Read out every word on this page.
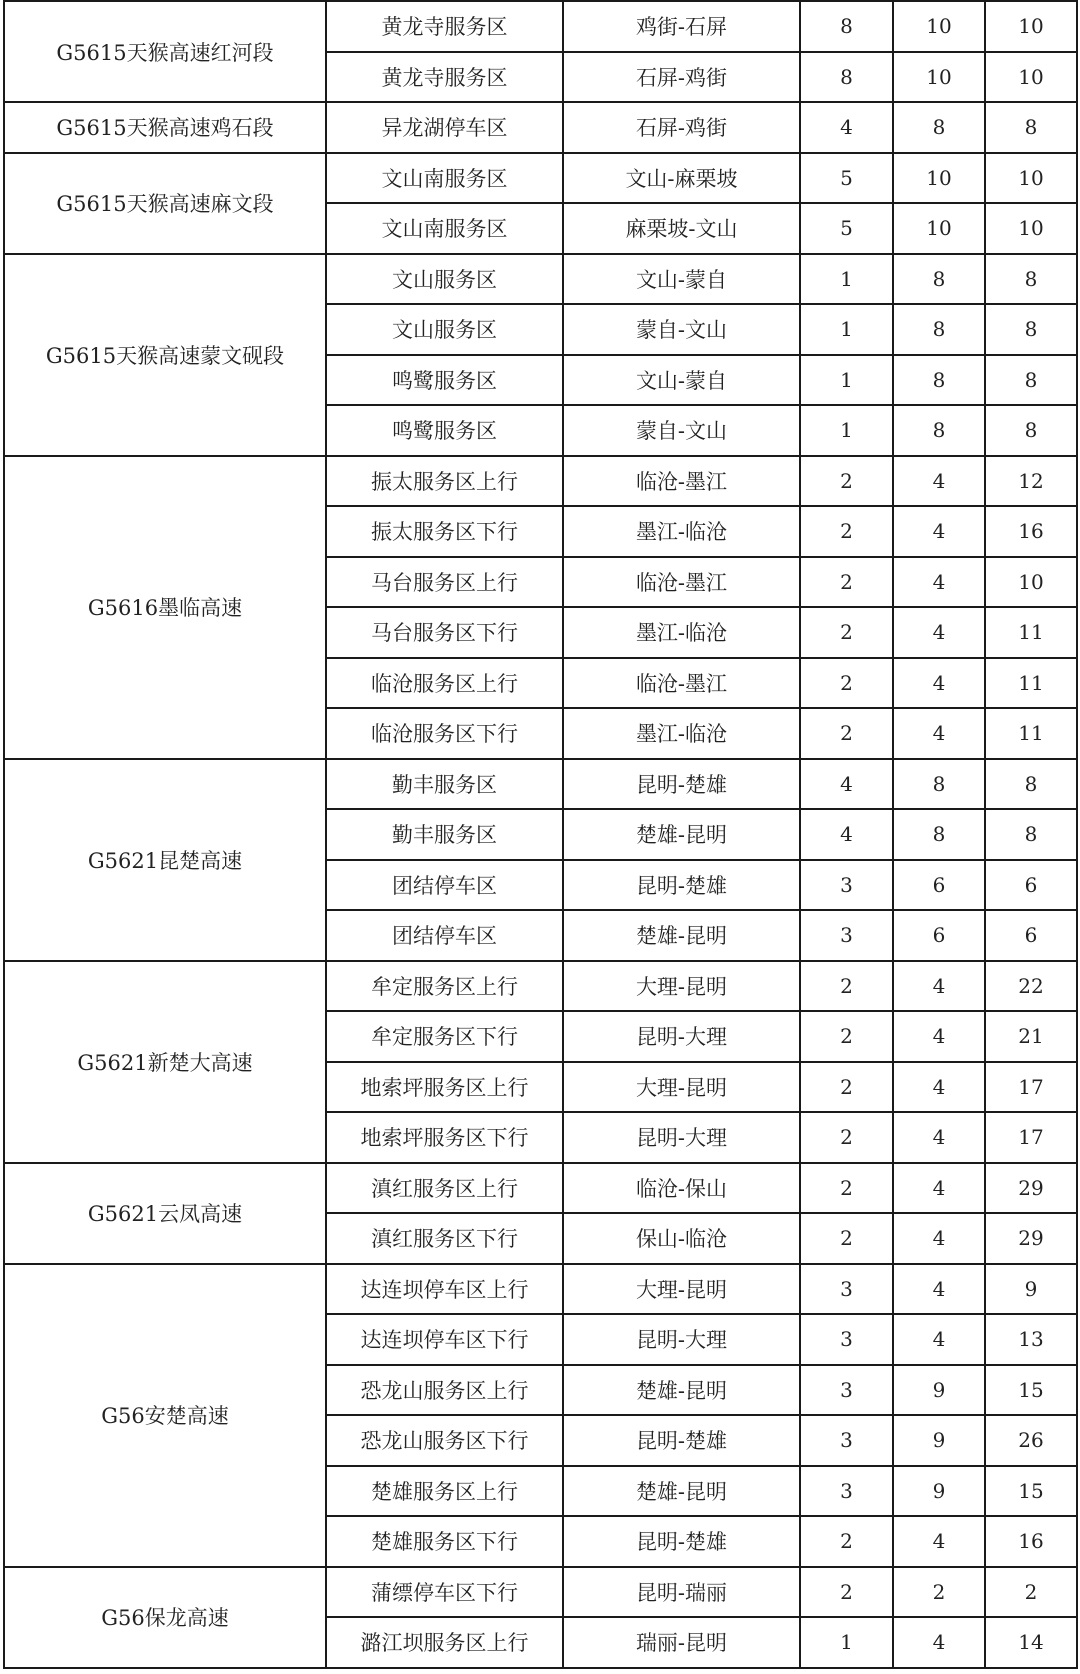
G5615天猴高速红河段	黄龙寺服务区	鸡街-石屏	8	10	10
	黄龙寺服务区	石屏-鸡街	8	10	10
G5615天猴高速鸡石段	异龙湖停车区	石屏-鸡街	4	8	8
G5615天猴高速麻文段	文山南服务区	文山-麻栗坡	5	10	10
	文山南服务区	麻栗坡-文山	5	10	10
G5615天猴高速蒙文砚段	文山服务区	文山-蒙自	1	8	8
	文山服务区	蒙自-文山	1	8	8
	鸣鹭服务区	文山-蒙自	1	8	8
	鸣鹭服务区	蒙自-文山	1	8	8
G5616墨临高速	振太服务区上行	临沧-墨江	2	4	12
	振太服务区下行	墨江-临沧	2	4	16
	马台服务区上行	临沧-墨江	2	4	10
	马台服务区下行	墨江-临沧	2	4	11
	临沧服务区上行	临沧-墨江	2	4	11
	临沧服务区下行	墨江-临沧	2	4	11
G5621昆楚高速	勤丰服务区	昆明-楚雄	4	8	8
	勤丰服务区	楚雄-昆明	4	8	8
	团结停车区	昆明-楚雄	3	6	6
	团结停车区	楚雄-昆明	3	6	6
G5621新楚大高速	牟定服务区上行	大理-昆明	2	4	22
	牟定服务区下行	昆明-大理	2	4	21
	地索坪服务区上行	大理-昆明	2	4	17
	地索坪服务区下行	昆明-大理	2	4	17
G5621云凤高速	滇红服务区上行	临沧-保山	2	4	29
	滇红服务区下行	保山-临沧	2	4	29
G56安楚高速	达连坝停车区上行	大理-昆明	3	4	9
	达连坝停车区下行	昆明-大理	3	4	13
	恐龙山服务区上行	楚雄-昆明	3	9	15
	恐龙山服务区下行	昆明-楚雄	3	9	26
	楚雄服务区上行	楚雄-昆明	3	9	15
	楚雄服务区下行	昆明-楚雄	2	4	16
G56保龙高速	蒲缥停车区下行	昆明-瑞丽	2	2	2
	潞江坝服务区上行	瑞丽-昆明	1	4	14
